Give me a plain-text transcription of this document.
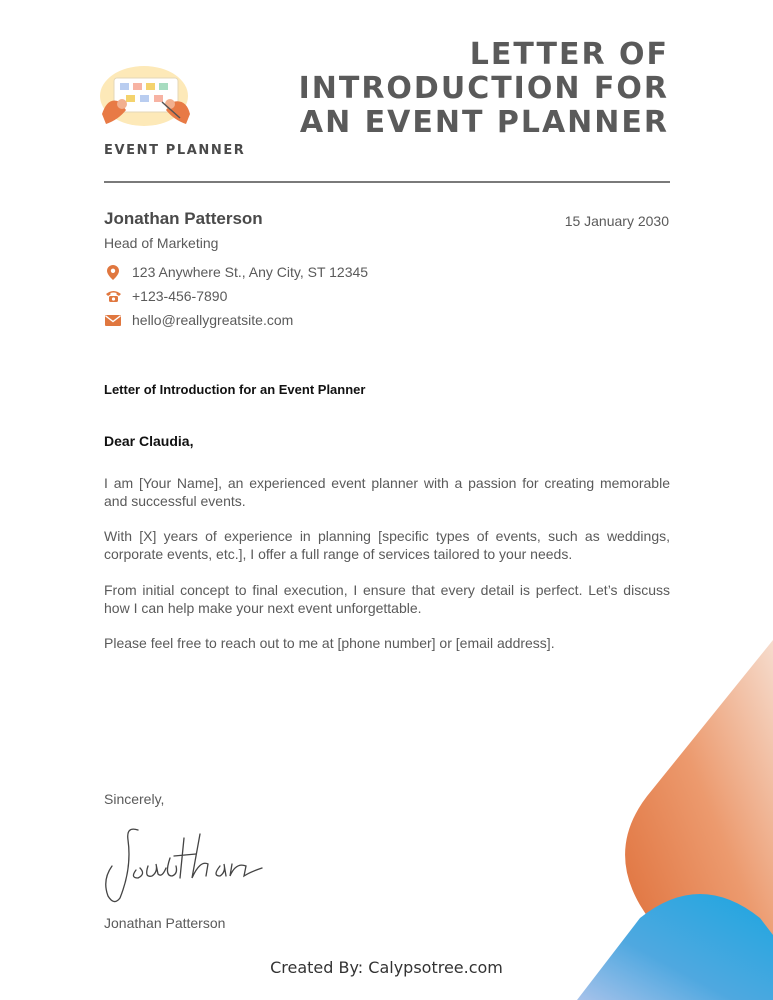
EVENT PLANNER
LETTER OF
INTRODUCTION FOR
AN EVENT PLANNER
Jonathan Patterson
Head of Marketing
15 January 2030
123 Anywhere St., Any City, ST 12345
+123-456-7890
hello@reallygreatsite.com
Letter of Introduction for an Event Planner
Dear Claudia,
I am [Your Name], an experienced event planner with a passion for creating memorable and successful events.
With [X] years of experience in planning [specific types of events, such as weddings, corporate events, etc.], I offer a full range of services tailored to your needs.
From initial concept to final execution, I ensure that every detail is perfect. Let’s discuss how I can help make your next event unforgettable.
Please feel free to reach out to me at [phone number] or [email address].
Sincerely,
Jonathan Patterson
Created By: Calypsotree.com
